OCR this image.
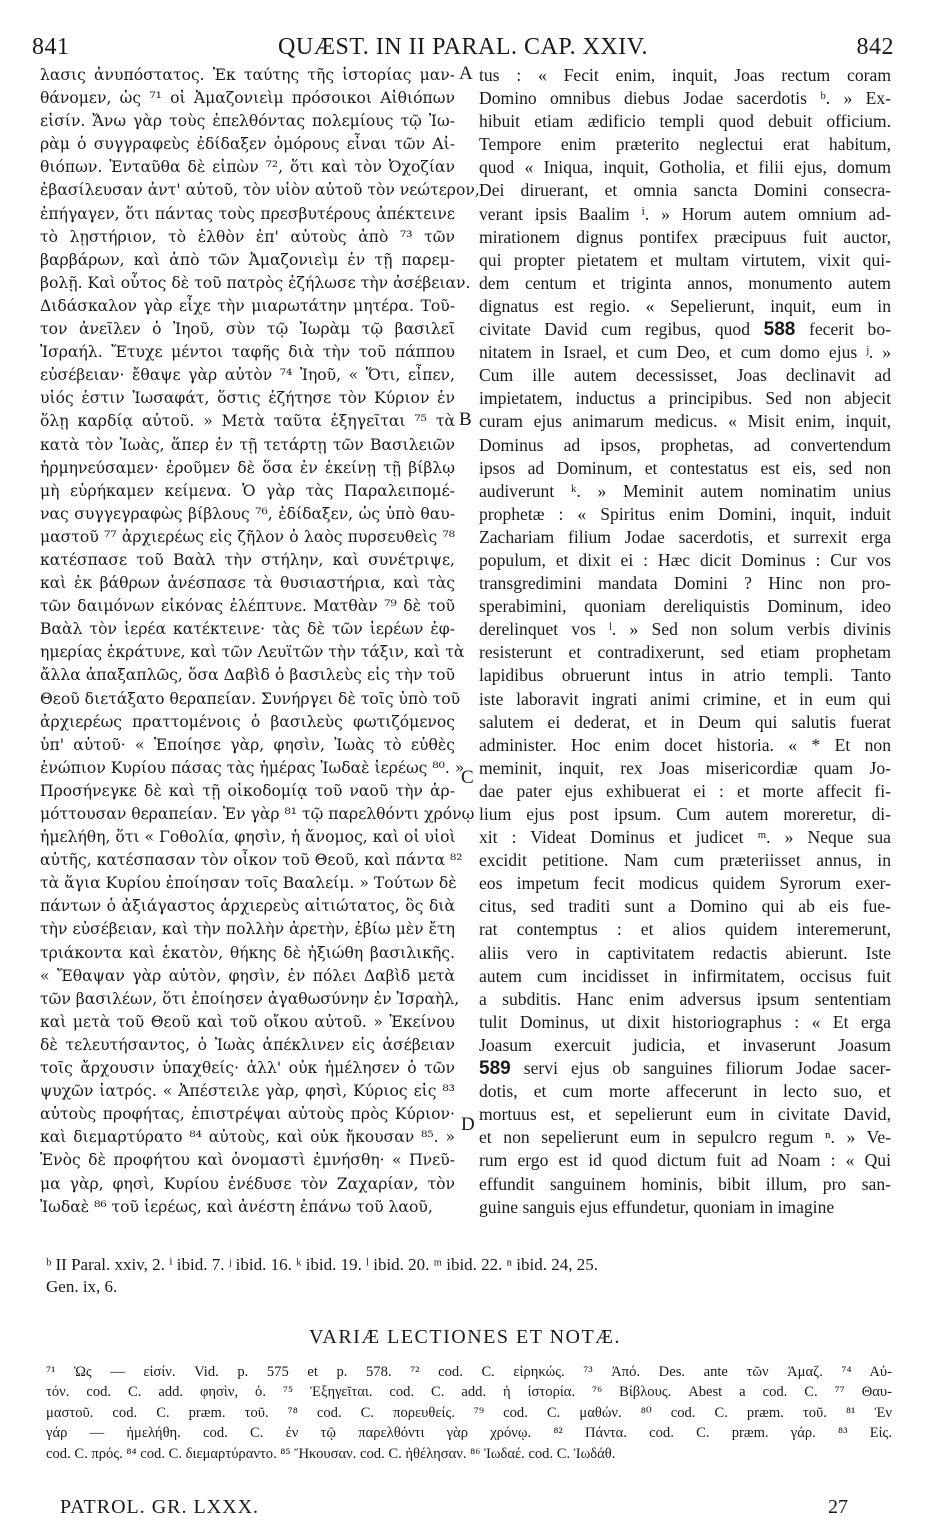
841	QUÆST. IN II PARAL. CAP. XXIV.	842
λασις ἀνυπόστατος. Ἐκ ταύτης τῆς ἱστορίας μαν-
θάνομεν, ὡς ⁷¹ οἱ Ἀμαζονιεὶμ πρόσοικοι Αἰθιόπων
εἰσίν. Ἄνω γὰρ τοὺς ἐπελθόντας πολεμίους τῷ Ἰω-
ρὰμ ὁ συγγραφεὺς ἐδίδαξεν ὁμόρους εἶναι τῶν Αἰ-
θιόπων. Ἐνταῦθα δὲ εἰπὼν ⁷², ὅτι καὶ τὸν Ὀχοζίαν
ἐβασίλευσαν ἀντ' αὐτοῦ, τὸν υἱὸν αὐτοῦ τὸν νεώτερον,
ἐπήγαγεν, ὅτι πάντας τοὺς πρεσβυτέρους ἀπέκτεινε
τὸ λῃστήριον, τὸ ἐλθὸν ἐπ' αὐτοὺς ἀπὸ ⁷³ τῶν
βαρβάρων, καὶ ἀπὸ τῶν Ἀμαζονιεὶμ ἐν τῇ παρεμ-
βολῇ. Καὶ οὗτος δὲ τοῦ πατρὸς ἐζήλωσε τὴν ἀσέβειαν.
Διδάσκαλον γὰρ εἶχε τὴν μιαρωτάτην μητέρα. Τοῦ-
τον ἀνεῖλεν ὁ Ἰηοῦ, σὺν τῷ Ἰωρὰμ τῷ βασιλεῖ
Ἰσραήλ. Ἔτυχε μέντοι ταφῆς διὰ τὴν τοῦ πάππου
εὐσέβειαν· ἔθαψε γὰρ αὐτὸν ⁷⁴ Ἰηοῦ, « Ὅτι, εἶπεν,
υἱός ἐστιν Ἰωσαφάτ, ὅστις ἐζήτησε τὸν Κύριον ἐν
ὅλῃ καρδίᾳ αὐτοῦ. » Μετὰ ταῦτα ἐξηγεῖται ⁷⁵ τὰ
κατὰ τὸν Ἰωὰς, ἅπερ ἐν τῇ τετάρτῃ τῶν Βασιλειῶν
ἡρμηνεύσαμεν· ἐροῦμεν δὲ ὅσα ἐν ἐκείνῃ τῇ βίβλῳ
μὴ εὑρήκαμεν κείμενα. Ὁ γὰρ τὰς Παραλειπομέ-
νας συγγεγραφὼς βίβλους ⁷⁶, ἐδίδαξεν, ὡς ὑπὸ θαυ-
μαστοῦ ⁷⁷ ἀρχιερέως εἰς ζῆλον ὁ λαὸς πυρσευθεὶς ⁷⁸
κατέσπασε τοῦ Βαὰλ τὴν στήλην, καὶ συνέτριψε,
καὶ ἐκ βάθρων ἀνέσπασε τὰ θυσιαστήρια, καὶ τὰς
τῶν δαιμόνων εἰκόνας ἐλέπτυνε. Ματθὰν ⁷⁹ δὲ τοῦ
Βαὰλ τὸν ἱερέα κατέκτεινε· τὰς δὲ τῶν ἱερέων ἐφ-
ημερίας ἐκράτυνε, καὶ τῶν Λευϊτῶν τὴν τάξιν, καὶ τὰ
ἄλλα ἁπαξαπλῶς, ὅσα Δαβὶδ ὁ βασιλεὺς εἰς τὴν τοῦ
Θεοῦ διετάξατο θεραπείαν. Συνήργει δὲ τοῖς ὑπὸ τοῦ
ἀρχιερέως πραττομένοις ὁ βασιλεὺς φωτιζόμενος
ὑπ' αὐτοῦ· « Ἐποίησε γὰρ, φησὶν, Ἰωὰς τὸ εὐθὲς
ἐνώπιον Κυρίου πάσας τὰς ἡμέρας Ἰωδαὲ ἱερέως ⁸⁰. »
Προσήνεγκε δὲ καὶ τῇ οἰκοδομίᾳ τοῦ ναοῦ τὴν ἁρ-
μόττουσαν θεραπείαν. Ἐν γὰρ ⁸¹ τῷ παρελθόντι χρόνῳ
ἠμελήθη, ὅτι « Γοθολία, φησὶν, ἡ ἄνομος, καὶ οἱ υἱοὶ
αὐτῆς, κατέσπασαν τὸν οἶκον τοῦ Θεοῦ, καὶ πάντα ⁸²
τὰ ἅγια Κυρίου ἐποίησαν τοῖς Βααλείμ. » Τούτων δὲ
πάντων ὁ ἀξιάγαστος ἀρχιερεὺς αἰτιώτατος, ὃς διὰ
τὴν εὐσέβειαν, καὶ τὴν πολλὴν ἀρετὴν, ἐβίω μὲν ἔτη
τριάκοντα καὶ ἑκατὸν, θήκης δὲ ἠξιώθη βασιλικῆς.
« Ἔθαψαν γὰρ αὐτὸν, φησὶν, ἐν πόλει Δαβὶδ μετὰ
τῶν βασιλέων, ὅτι ἐποίησεν ἀγαθωσύνην ἐν Ἰσραὴλ,
καὶ μετὰ τοῦ Θεοῦ καὶ τοῦ οἴκου αὐτοῦ. » Ἐκείνου
δὲ τελευτήσαντος, ὁ Ἰωὰς ἀπέκλινεν εἰς ἀσέβειαν
τοῖς ἄρχουσιν ὑπαχθείς· ἀλλ' οὐκ ἠμέλησεν ὁ τῶν
ψυχῶν ἰατρός. « Ἀπέστειλε γὰρ, φησὶ, Κύριος εἰς ⁸³
αὐτοὺς προφήτας, ἐπιστρέψαι αὐτοὺς πρὸς Κύριον·
καὶ διεμαρτύρατο ⁸⁴ αὐτοὺς, καὶ οὐκ ἤκουσαν ⁸⁵. »
Ἑνὸς δὲ προφήτου καὶ ὀνομαστὶ ἐμνήσθη· « Πνεῦ-
μα γὰρ, φησὶ, Κυρίου ἐνέδυσε τὸν Ζαχαρίαν, τὸν
Ἰωδαὲ ⁸⁶ τοῦ ἱερέως, καὶ ἀνέστη ἐπάνω τοῦ λαοῦ,
tus : « Fecit enim, inquit, Joas rectum coram
Domino omnibus diebus Jodae sacerdotis ᵇ. » Ex-
hibuit etiam ædificio templi quod debuit officium.
Tempore enim præterito neglectui erat habitum,
quod « Iniqua, inquit, Gotholia, et filii ejus, domum
Dei diruerant, et omnia sancta Domini consecra-
verant ipsis Baalim ⁱ. » Horum autem omnium ad-
mirationem dignus pontifex præcipuus fuit auctor,
qui propter pietatem et multam virtutem, vixit qui-
dem centum et triginta annos, monumento autem
dignatus est regio. « Sepelierunt, inquit, eum in
civitate David cum regibus, quod 588 fecerit bo-
nitatem in Israel, et cum Deo, et cum domo ejus ʲ. »
Cum ille autem decessisset, Joas declinavit ad
impietatem, inductus a principibus. Sed non abjecit
curam ejus animarum medicus. « Misit enim, inquit,
Dominus ad ipsos, prophetas, ad convertendum
ipsos ad Dominum, et contestatus est eis, sed non
audiverunt ᵏ. » Meminit autem nominatim unius
prophetæ : « Spiritus enim Domini, inquit, induit
Zachariam filium Jodae sacerdotis, et surrexit erga
populum, et dixit ei : Hæc dicit Dominus : Cur vos
transgredimini mandata Domini ? Hinc non pro-
sperabimini, quoniam dereliquistis Dominum, ideo
derelinquet vos ˡ. » Sed non solum verbis divinis
resisterunt et contradixerunt, sed etiam prophetam
lapidibus obruerunt intus in atrio templi. Tanto
iste laboravit ingrati animi crimine, et in eum qui
salutem ei dederat, et in Deum qui salutis fuerat
administer. Hoc enim docet historia. « * Et non
meminit, inquit, rex Joas misericordiæ quam Jo-
dae pater ejus exhibuerat ei : et morte affecit fi-
lium ejus post ipsum. Cum autem moreretur, di-
xit : Videat Dominus et judicet ᵐ. » Neque sua
excidit petitione. Nam cum præteriisset annus, in
eos impetum fecit modicus quidem Syrorum exer-
citus, sed traditi sunt a Domino qui ab eis fue-
rat contemptus : et alios quidem interemerunt,
aliis vero in captivitatem redactis abierunt. Iste
autem cum incidisset in infirmitatem, occisus fuit
a subditis. Hanc enim adversus ipsum sententiam
tulit Dominus, ut dixit historiographus : « Et erga
Joasum exercuit judicia, et invaserunt Joasum
589 servi ejus ob sanguines filiorum Jodae sacer-
dotis, et cum morte affecerunt in lecto suo, et
mortuus est, et sepelierunt eum in civitate David,
et non sepelierunt eum in sepulcro regum ⁿ. » Ve-
rum ergo est id quod dictum fuit ad Noam : « Qui
effundit sanguinem hominis, bibit illum, pro san-
guine sanguis ejus effundetur, quoniam in imagine
A
B
C
D
ᵇ II Paral. xxiv, 2. ⁱ ibid. 7. ʲ ibid. 16. ᵏ ibid. 19. ˡ ibid. 20. ᵐ ibid. 22. ⁿ ibid. 24, 25.
Gen. ix, 6.
VARIÆ LECTIONES ET NOTÆ.
⁷¹ Ὡς — εἰσίν. Vid. p. 575 et p. 578. ⁷² cod. C. εἰρηκώς. ⁷³ Ἀπό. Des. ante τῶν Ἀμαζ. ⁷⁴ Αὐ-
τόν. cod. C. add. φησὶν, ὁ. ⁷⁵ Ἐξηγεῖται. cod. C. add. ἡ ἱστορία. ⁷⁶ Βίβλους. Abest a cod. C. ⁷⁷ Θαυ-
μαστοῦ. cod. C. præm. τοῦ. ⁷⁸ cod. C. πορευθείς. ⁷⁹ cod. C. μαθών. ⁸⁰ cod. C. præm. τοῦ. ⁸¹ Ἐν
γάρ — ἠμελήθη. cod. C. ἐν τῷ παρελθόντι γὰρ χρόνῳ. ⁸² Πάντα. cod. C. præm. γάρ. ⁸³ Εἰς.
cod. C. πρός. ⁸⁴ cod. C. διεμαρτύραντο. ⁸⁵ Ἤκουσαν. cod. C. ἠθέλησαν. ⁸⁶ Ἰωδαέ. cod. C. Ἰωδάθ.
PATROL. GR. LXXX.	27
